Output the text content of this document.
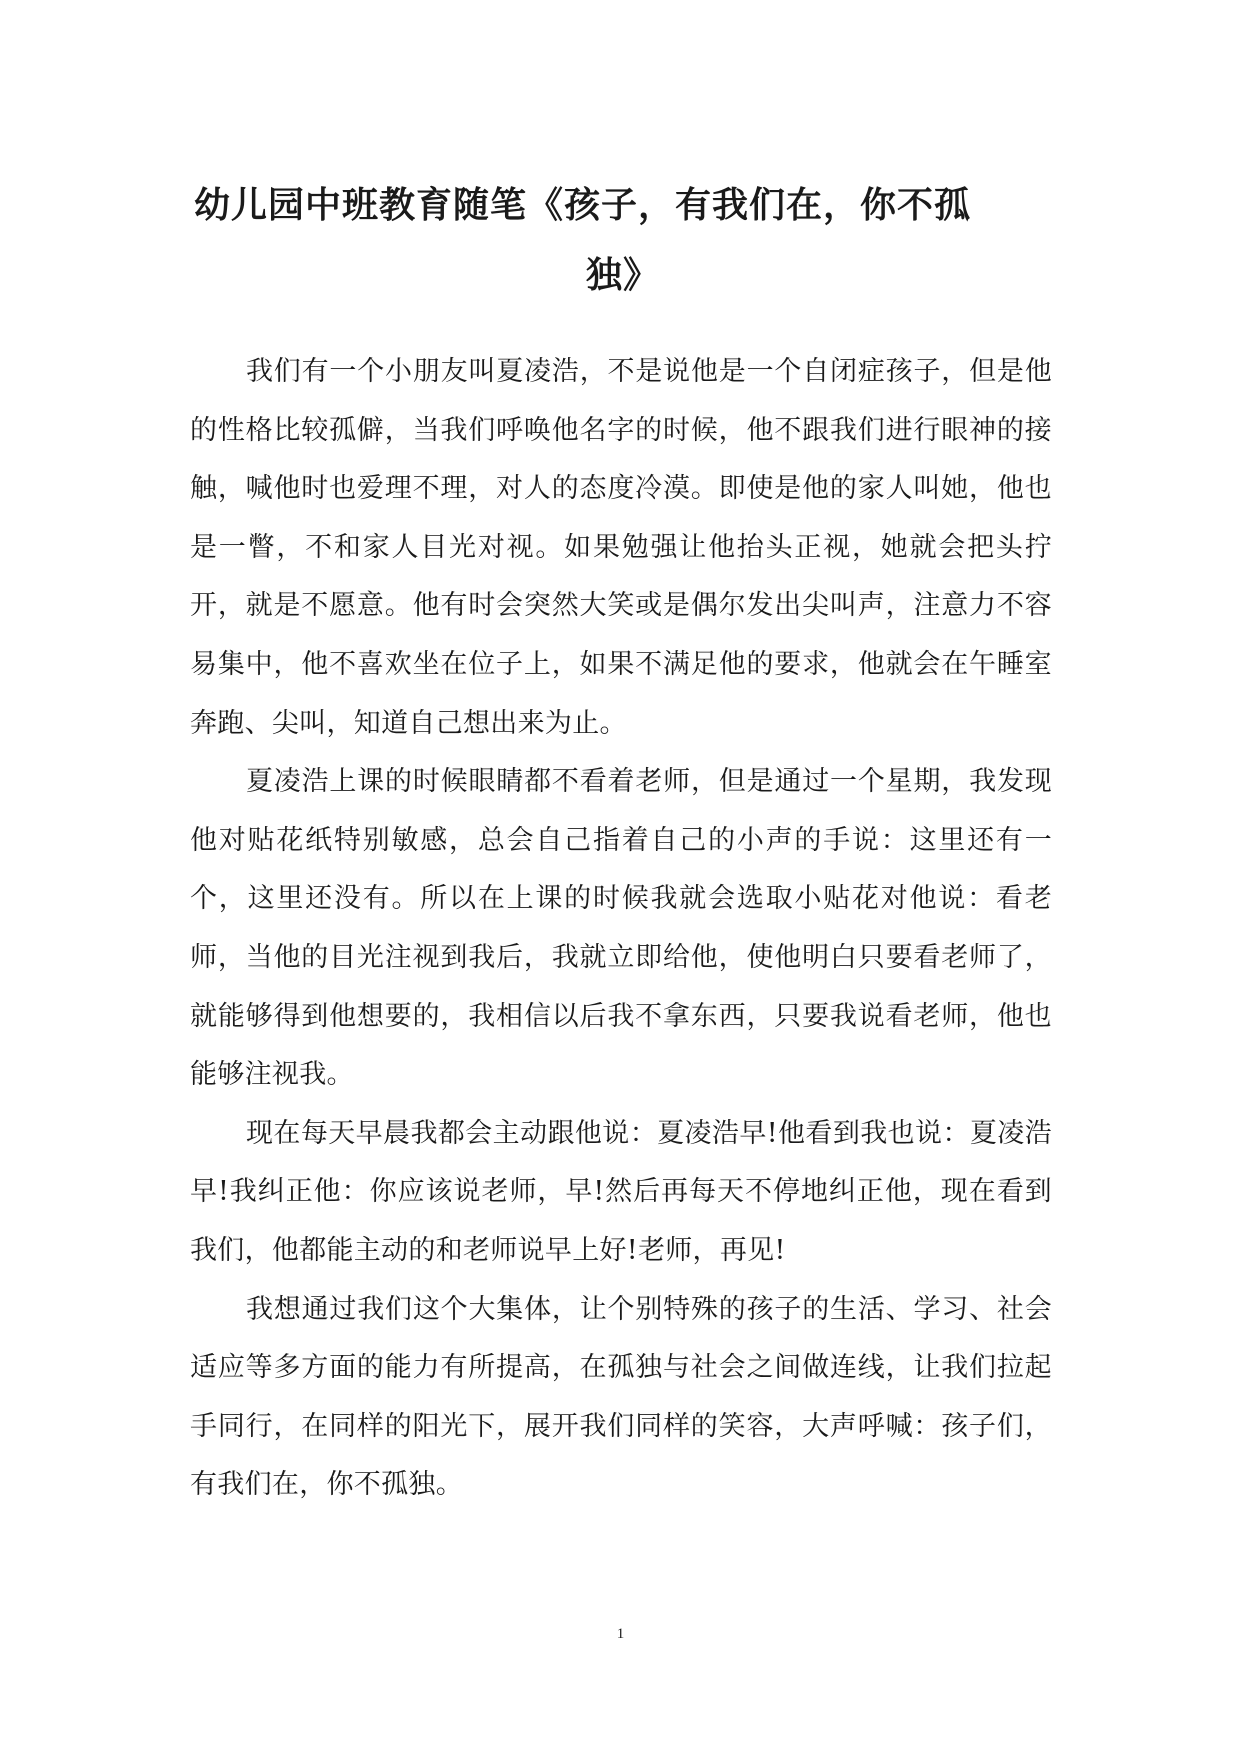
幼儿园中班教育随笔《孩子，有我们在，你不孤
独》

我们有一个小朋友叫夏凌浩，不是说他是一个自闭症孩子，但是他的性格比较孤僻，当我们呼唤他名字的时候，他不跟我们进行眼神的接触，喊他时也爱理不理，对人的态度冷漠。即使是他的家人叫她，他也是一瞥，不和家人目光对视。如果勉强让他抬头正视，她就会把头拧开，就是不愿意。他有时会突然大笑或是偶尔发出尖叫声，注意力不容易集中，他不喜欢坐在位子上，如果不满足他的要求，他就会在午睡室奔跑、尖叫，知道自己想出来为止。

夏凌浩上课的时候眼睛都不看着老师，但是通过一个星期，我发现他对贴花纸特别敏感，总会自己指着自己的小声的手说：这里还有一个，这里还没有。所以在上课的时候我就会选取小贴花对他说：看老师，当他的目光注视到我后，我就立即给他，使他明白只要看老师了，就能够得到他想要的，我相信以后我不拿东西，只要我说看老师，他也能够注视我。

现在每天早晨我都会主动跟他说：夏凌浩早!他看到我也说：夏凌浩早!我纠正他：你应该说老师，早!然后再每天不停地纠正他，现在看到我们，他都能主动的和老师说早上好!老师，再见!

我想通过我们这个大集体，让个别特殊的孩子的生活、学习、社会适应等多方面的能力有所提高，在孤独与社会之间做连线，让我们拉起手同行，在同样的阳光下，展开我们同样的笑容，大声呼喊：孩子们，有我们在，你不孤独。

1
